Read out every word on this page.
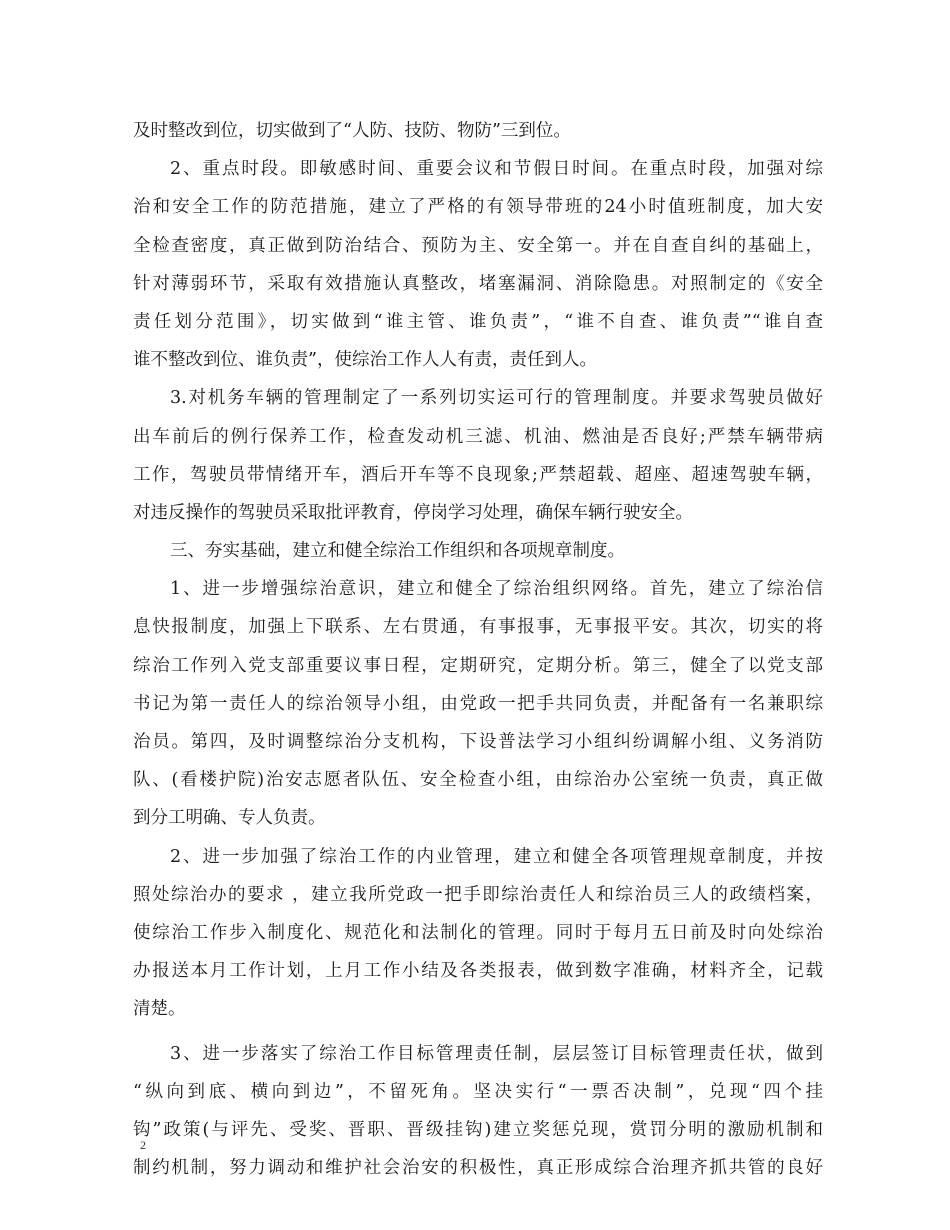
及时整改到位，切实做到了“人防、技防、物防”三到位。
2、重点时段。即敏感时间、重要会议和节假日时间。在重点时段，加强对综
治和安全工作的防范措施，建立了严格的有领导带班的24小时值班制度，加大安
全检查密度，真正做到防治结合、预防为主、安全第一。并在自查自纠的基础上，
针对薄弱环节，采取有效措施认真整改，堵塞漏洞、消除隐患。对照制定的《安全
责任划分范围》，切实做到“谁主管、谁负责”，“谁不自查、谁负责”“谁自查
谁不整改到位、谁负责”，使综治工作人人有责，责任到人。
3.对机务车辆的管理制定了一系列切实运可行的管理制度。并要求驾驶员做好
出车前后的例行保养工作，检查发动机三滤、机油、燃油是否良好;严禁车辆带病
工作，驾驶员带情绪开车，酒后开车等不良现象;严禁超载、超座、超速驾驶车辆，
对违反操作的驾驶员采取批评教育，停岗学习处理，确保车辆行驶安全。
三、夯实基础，建立和健全综治工作组织和各项规章制度。
1、进一步增强综治意识，建立和健全了综治组织网络。首先，建立了综治信
息快报制度，加强上下联系、左右贯通，有事报事，无事报平安。其次，切实的将
综治工作列入党支部重要议事日程，定期研究，定期分析。第三，健全了以党支部
书记为第一责任人的综治领导小组，由党政一把手共同负责，并配备有一名兼职综
治员。第四，及时调整综治分支机构，下设普法学习小组纠纷调解小组、义务消防
队、(看楼护院)治安志愿者队伍、安全检查小组，由综治办公室统一负责，真正做
到分工明确、专人负责。
2、进一步加强了综治工作的内业管理，建立和健全各项管理规章制度，并按
照处综治办的要求 ，建立我所党政一把手即综治责任人和综治员三人的政绩档案，
使综治工作步入制度化、规范化和法制化的管理。同时于每月五日前及时向处综治
办报送本月工作计划，上月工作小结及各类报表，做到数字准确，材料齐全，记载
清楚。
3、进一步落实了综治工作目标管理责任制，层层签订目标管理责任状，做到
“纵向到底、横向到边”，不留死角。坚决实行“一票否决制”，兑现“四个挂
钩”政策(与评先、受奖、晋职、晋级挂钩)建立奖惩兑现，赏罚分明的激励机制和
制约机制，努力调动和维护社会治安的积极性，真正形成综合治理齐抓共管的良好
2
